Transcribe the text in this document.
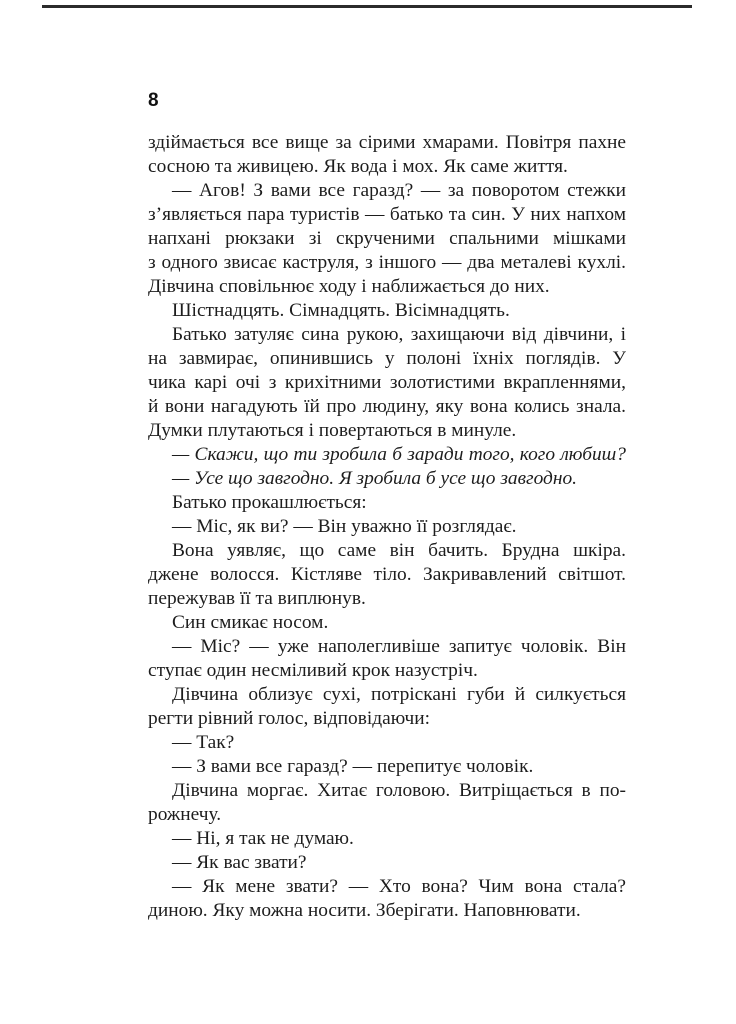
8
здіймається все вище за сірими хмарами. Повітря пахне
сосною та живицею. Як вода і мох. Як саме життя.
— Агов! З вами все гаразд? — за поворотом стежки
з’являється пара туристів — батько та син. У них напхом
напхані рюкзаки зі скрученими спальними мішками
з одного звисає каструля, з іншого — два металеві кухлі.
Дівчина сповільнює ходу і наближається до них.
Шістнадцять. Сімнадцять. Вісімнадцять.
Батько затуляє сина рукою, захищаючи від дівчини, і
на завмирає, опинившись у полоні їхніх поглядів. У
чика карі очі з крихітними золотистими вкрапленнями,
й вони нагадують їй про людину, яку вона колись знала.
Думки плутаються і повертаються в минуле.
— Скажи, що ти зробила б заради того, кого любиш?
— Усе що завгодно. Я зробила б усе що завгодно.
Батько прокашлюється:
— Міс, як ви? — Він уважно її розглядає.
Вона уявляє, що саме він бачить. Брудна шкіра.
джене волосся. Кістляве тіло. Закривавлений світшот.
пережував її та виплюнув.
Син смикає носом.
— Міс? — уже наполегливіше запитує чоловік. Він
ступає один несміливий крок назустріч.
Дівчина облизує сухі, потріскані губи й силкується
регти рівний голос, відповідаючи:
— Так?
— З вами все гаразд? — перепитує чоловік.
Дівчина моргає. Хитає головою. Витріщається в по-
рожнечу.
— Ні, я так не думаю.
— Як вас звати?
— Як мене звати? — Хто вона? Чим вона стала?
диною. Яку можна носити. Зберігати. Наповнювати.
